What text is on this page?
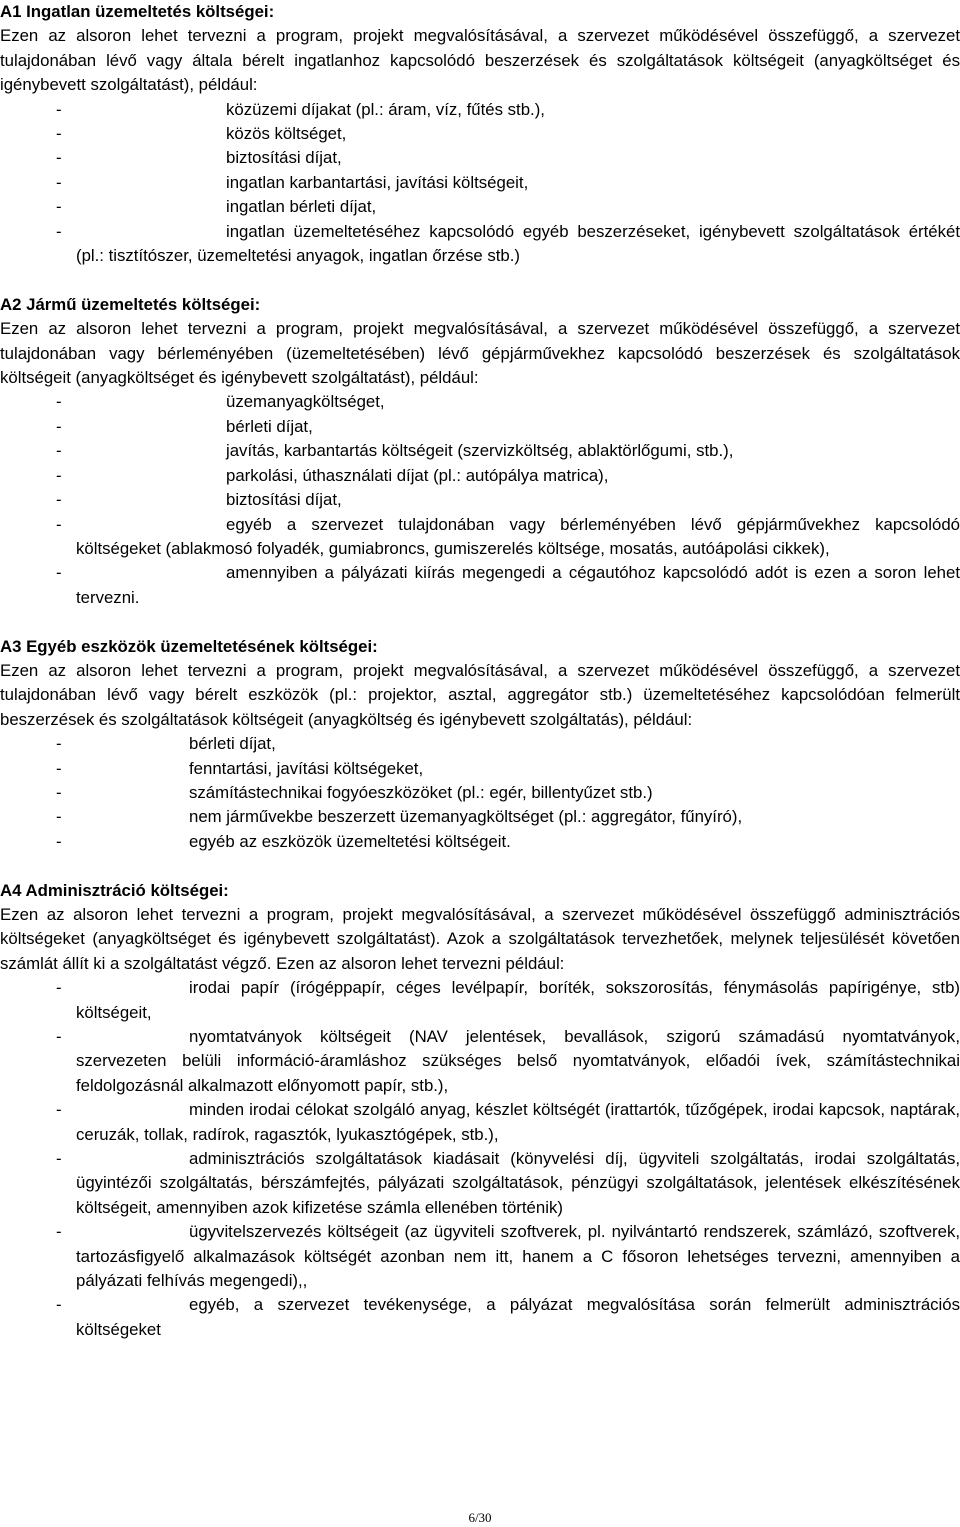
A1 Ingatlan üzemeltetés költségei:

Ezen az alsoron lehet tervezni a program, projekt megvalósításával, a szervezet működésével összefüggő, a szervezet tulajdonában lévő vagy általa bérelt ingatlanhoz kapcsolódó beszerzések és szolgáltatások költségeit (anyagköltséget és igénybevett szolgáltatást), például:

-	közüzemi díjakat (pl.: áram, víz, fűtés stb.),
-	közös költséget,
-	biztosítási díjat,
-	ingatlan karbantartási, javítási költségeit,
-	ingatlan bérleti díjat,
-	ingatlan üzemeltetéséhez kapcsolódó egyéb beszerzéseket, igénybevett szolgáltatások értékét (pl.: tisztítószer, üzemeltetési anyagok, ingatlan őrzése stb.)
A2 Jármű üzemeltetés költségei:

Ezen az alsoron lehet tervezni a program, projekt megvalósításával, a szervezet működésével összefüggő, a szervezet tulajdonában vagy bérleményében (üzemeltetésében) lévő gépjárművekhez kapcsolódó beszerzések és szolgáltatások költségeit (anyagköltséget és igénybevett szolgáltatást), például:

-	üzemanyagköltséget,
-	bérleti díjat,
-	javítás, karbantartás költségeit (szervizköltség, ablaktörlőgumi, stb.),
-	parkolási, úthasználati díjat (pl.: autópálya matrica),
-	biztosítási díjat,
-	egyéb a szervezet tulajdonában vagy bérleményében lévő gépjárművekhez kapcsolódó költségeket (ablakmosó folyadék, gumiabroncs, gumiszerelés költsége, mosatás, autóápolási cikkek),
-	amennyiben a pályázati kiírás megengedi a cégautóhoz kapcsolódó adót is ezen a soron lehet tervezni.
A3 Egyéb eszközök üzemeltetésének költségei:

Ezen az alsoron lehet tervezni a program, projekt megvalósításával, a szervezet működésével összefüggő, a szervezet tulajdonában lévő vagy bérelt eszközök (pl.: projektor, asztal, aggregátor stb.) üzemeltetéséhez kapcsolódóan felmerült beszerzések és szolgáltatások költségeit (anyagköltség és igénybevett szolgáltatás), például:

-	bérleti díjat,
-	fenntartási, javítási költségeket,
-	számítástechnikai fogyóeszközöket (pl.: egér, billentyűzet stb.)
-	nem járművekbe beszerzett üzemanyagköltséget (pl.: aggregátor, fűnyíró),
-	egyéb az eszközök üzemeltetési költségeit.
A4 Adminisztráció költségei:

Ezen az alsoron lehet tervezni a program, projekt megvalósításával, a szervezet működésével összefüggő adminisztrációs költségeket (anyagköltséget és igénybevett szolgáltatást). Azok a szolgáltatások tervezhetőek, melynek teljesülését követően számlát állít ki a szolgáltatást végző. Ezen az alsoron lehet tervezni például:

-	irodai papír (írógéppapír, céges levélpapír, boríték, sokszorosítás, fénymásolás papírigénye, stb) költségeit,
-	nyomtatványok költségeit (NAV jelentések, bevallások, szigorú számadású nyomtatványok, szervezeten belüli információ-áramláshoz szükséges belső nyomtatványok, előadói ívek, számítástechnikai feldolgozásnál alkalmazott előnyomott papír, stb.),
-	minden irodai célokat szolgáló anyag, készlet költségét (irattartók, tűzőgépek, irodai kapcsok, naptárak, ceruzák, tollak, radírok, ragasztók, lyukasztógépek, stb.),
-	adminisztrációs szolgáltatások kiadásait (könyvelési díj, ügyviteli szolgáltatás, irodai szolgáltatás, ügyintézői szolgáltatás, bérszámfejtés, pályázati szolgáltatások, pénzügyi szolgáltatások, jelentések elkészítésének költségeit, amennyiben azok kifizetése számla ellenében történik)
-	ügyvitelszervezés költségeit (az ügyviteli szoftverek, pl. nyilvántartó rendszerek, számlázó, szoftverek, tartozásfigyelő alkalmazások költségét azonban nem itt, hanem a C fősoron lehetséges tervezni, amennyiben a pályázati felhívás megengedi),,
-	egyéb, a szervezet tevékenysége, a pályázat megvalósítása során felmerült adminisztrációs költségeket
6/30
